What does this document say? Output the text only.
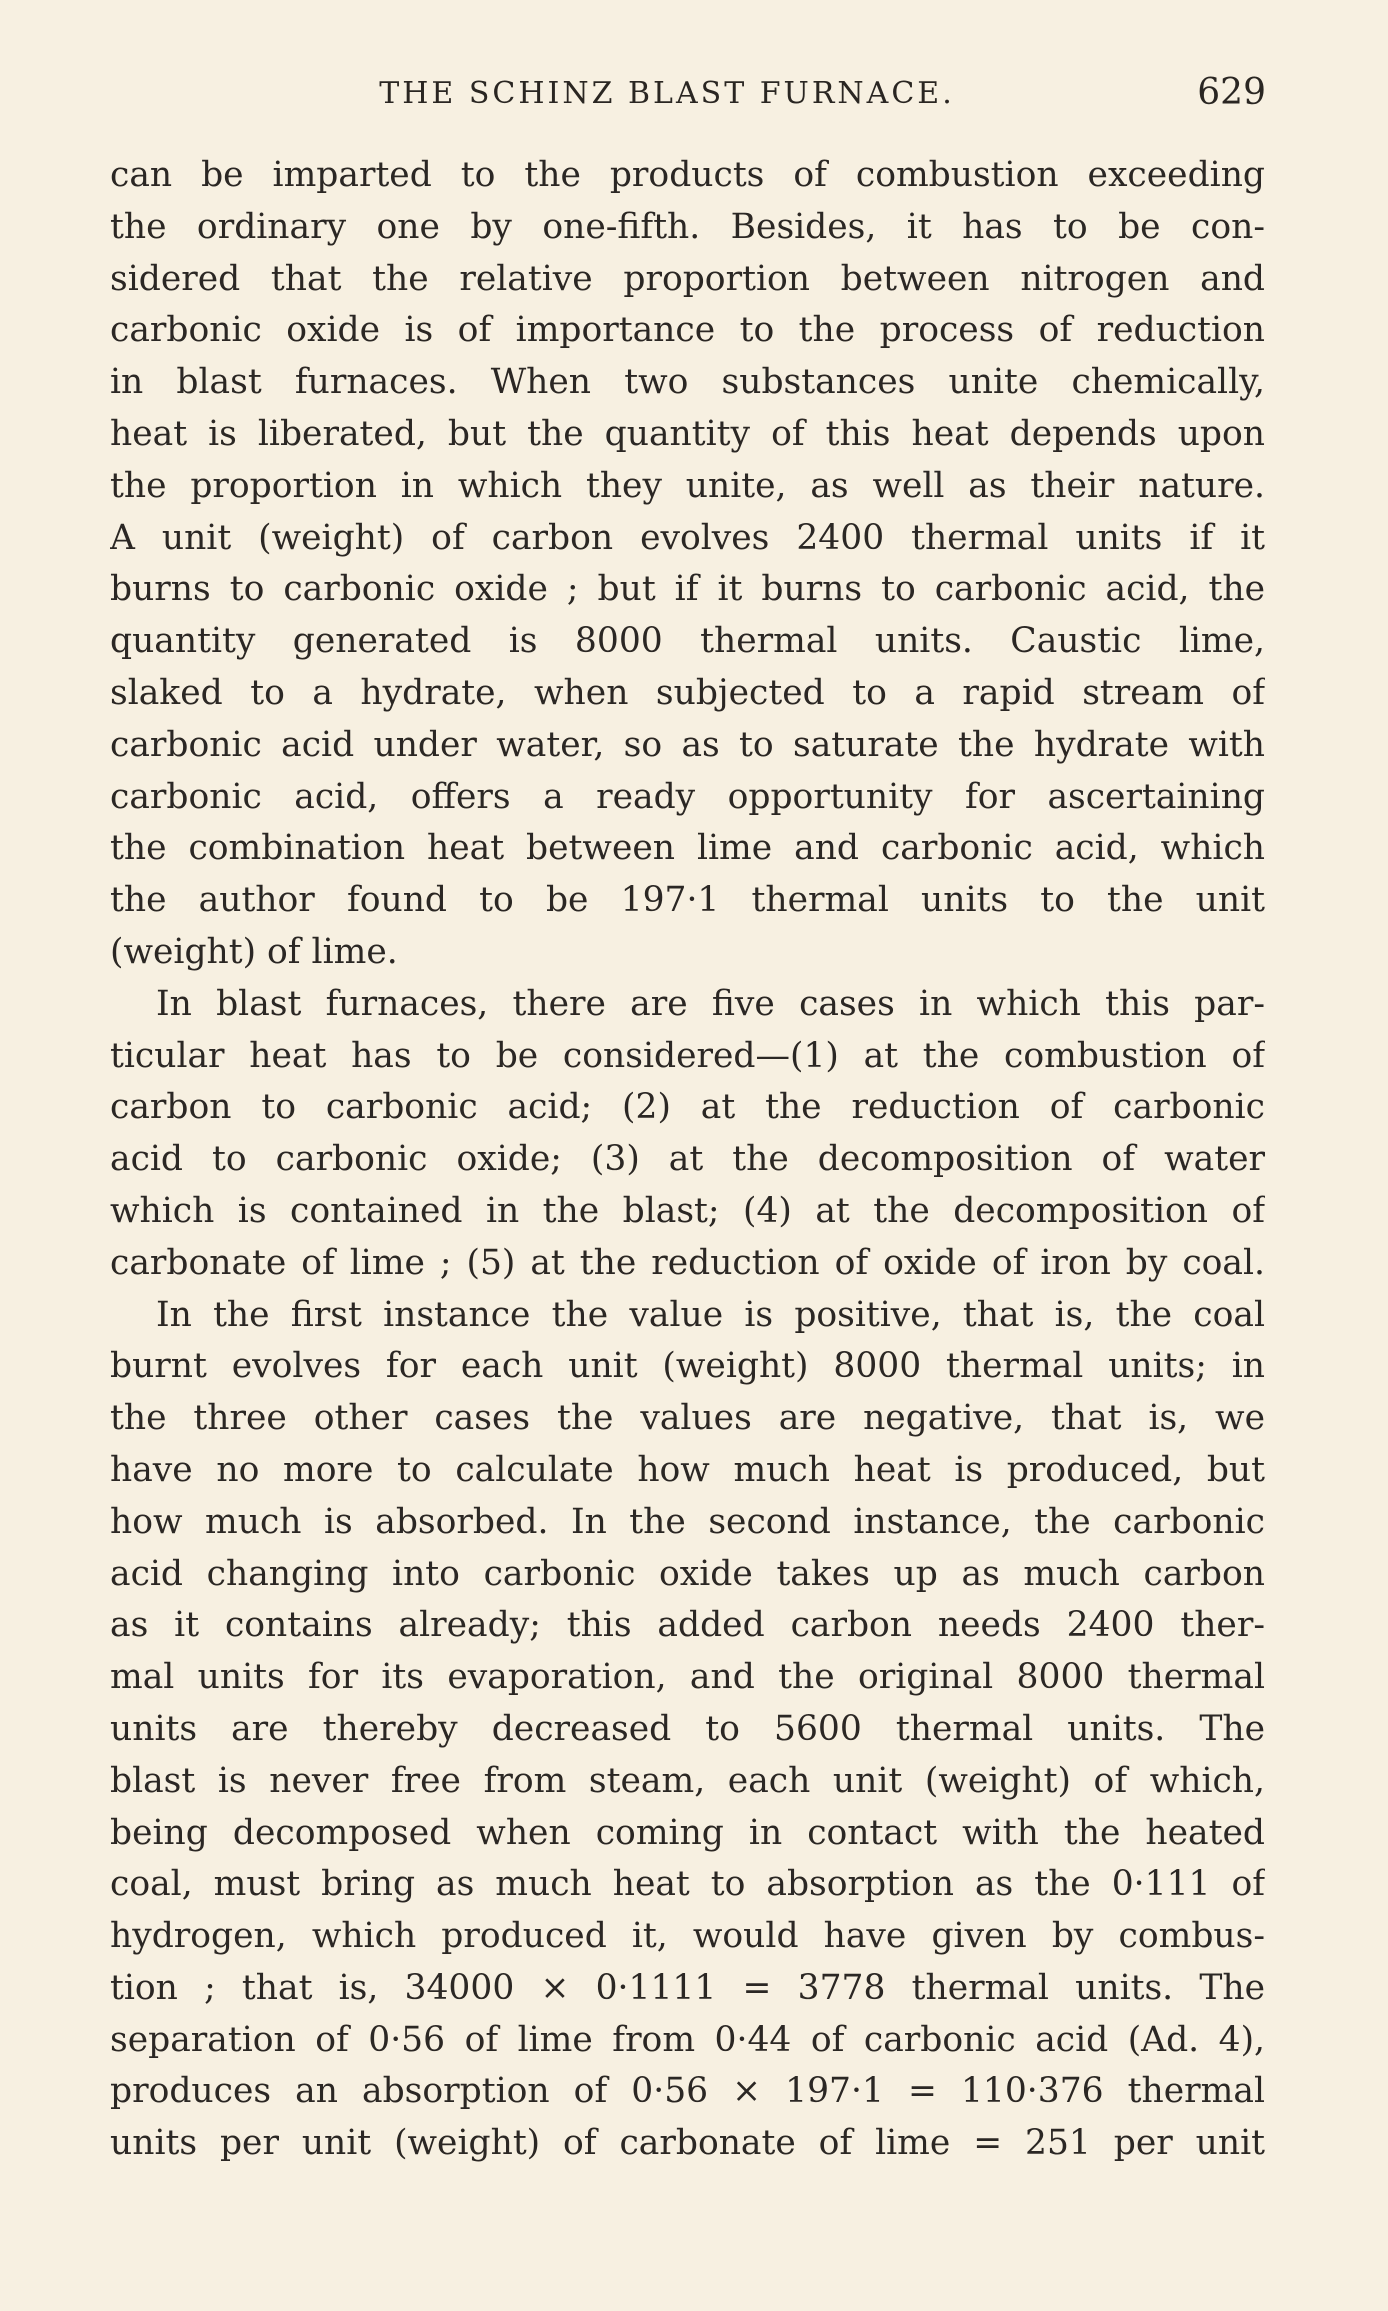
THE SCHINZ BLAST FURNACE.	629
can be imparted to the products of combustion exceeding
the ordinary one by one-fifth. Besides, it has to be con-
sidered that the relative proportion between nitrogen and
carbonic oxide is of importance to the process of reduction
in blast furnaces. When two substances unite chemically,
heat is liberated, but the quantity of this heat depends upon
the proportion in which they unite, as well as their nature.
A unit (weight) of carbon evolves 2400 thermal units if it
burns to carbonic oxide ; but if it burns to carbonic acid, the
quantity generated is 8000 thermal units. Caustic lime,
slaked to a hydrate, when subjected to a rapid stream of
carbonic acid under water, so as to saturate the hydrate with
carbonic acid, offers a ready opportunity for ascertaining
the combination heat between lime and carbonic acid, which
the author found to be 197·1 thermal units to the unit
(weight) of lime.
In blast furnaces, there are five cases in which this par-
ticular heat has to be considered—(1) at the combustion of
carbon to carbonic acid; (2) at the reduction of carbonic
acid to carbonic oxide; (3) at the decomposition of water
which is contained in the blast; (4) at the decomposition of
carbonate of lime ; (5) at the reduction of oxide of iron by coal.
In the first instance the value is positive, that is, the coal
burnt evolves for each unit (weight) 8000 thermal units; in
the three other cases the values are negative, that is, we
have no more to calculate how much heat is produced, but
how much is absorbed. In the second instance, the carbonic
acid changing into carbonic oxide takes up as much carbon
as it contains already; this added carbon needs 2400 ther-
mal units for its evaporation, and the original 8000 thermal
units are thereby decreased to 5600 thermal units. The
blast is never free from steam, each unit (weight) of which,
being decomposed when coming in contact with the heated
coal, must bring as much heat to absorption as the 0·111 of
hydrogen, which produced it, would have given by combus-
tion ; that is, 34000 × 0·1111 = 3778 thermal units. The
separation of 0·56 of lime from 0·44 of carbonic acid (Ad. 4),
produces an absorption of 0·56 × 197·1 = 110·376 thermal
units per unit (weight) of carbonate of lime = 251 per unit
